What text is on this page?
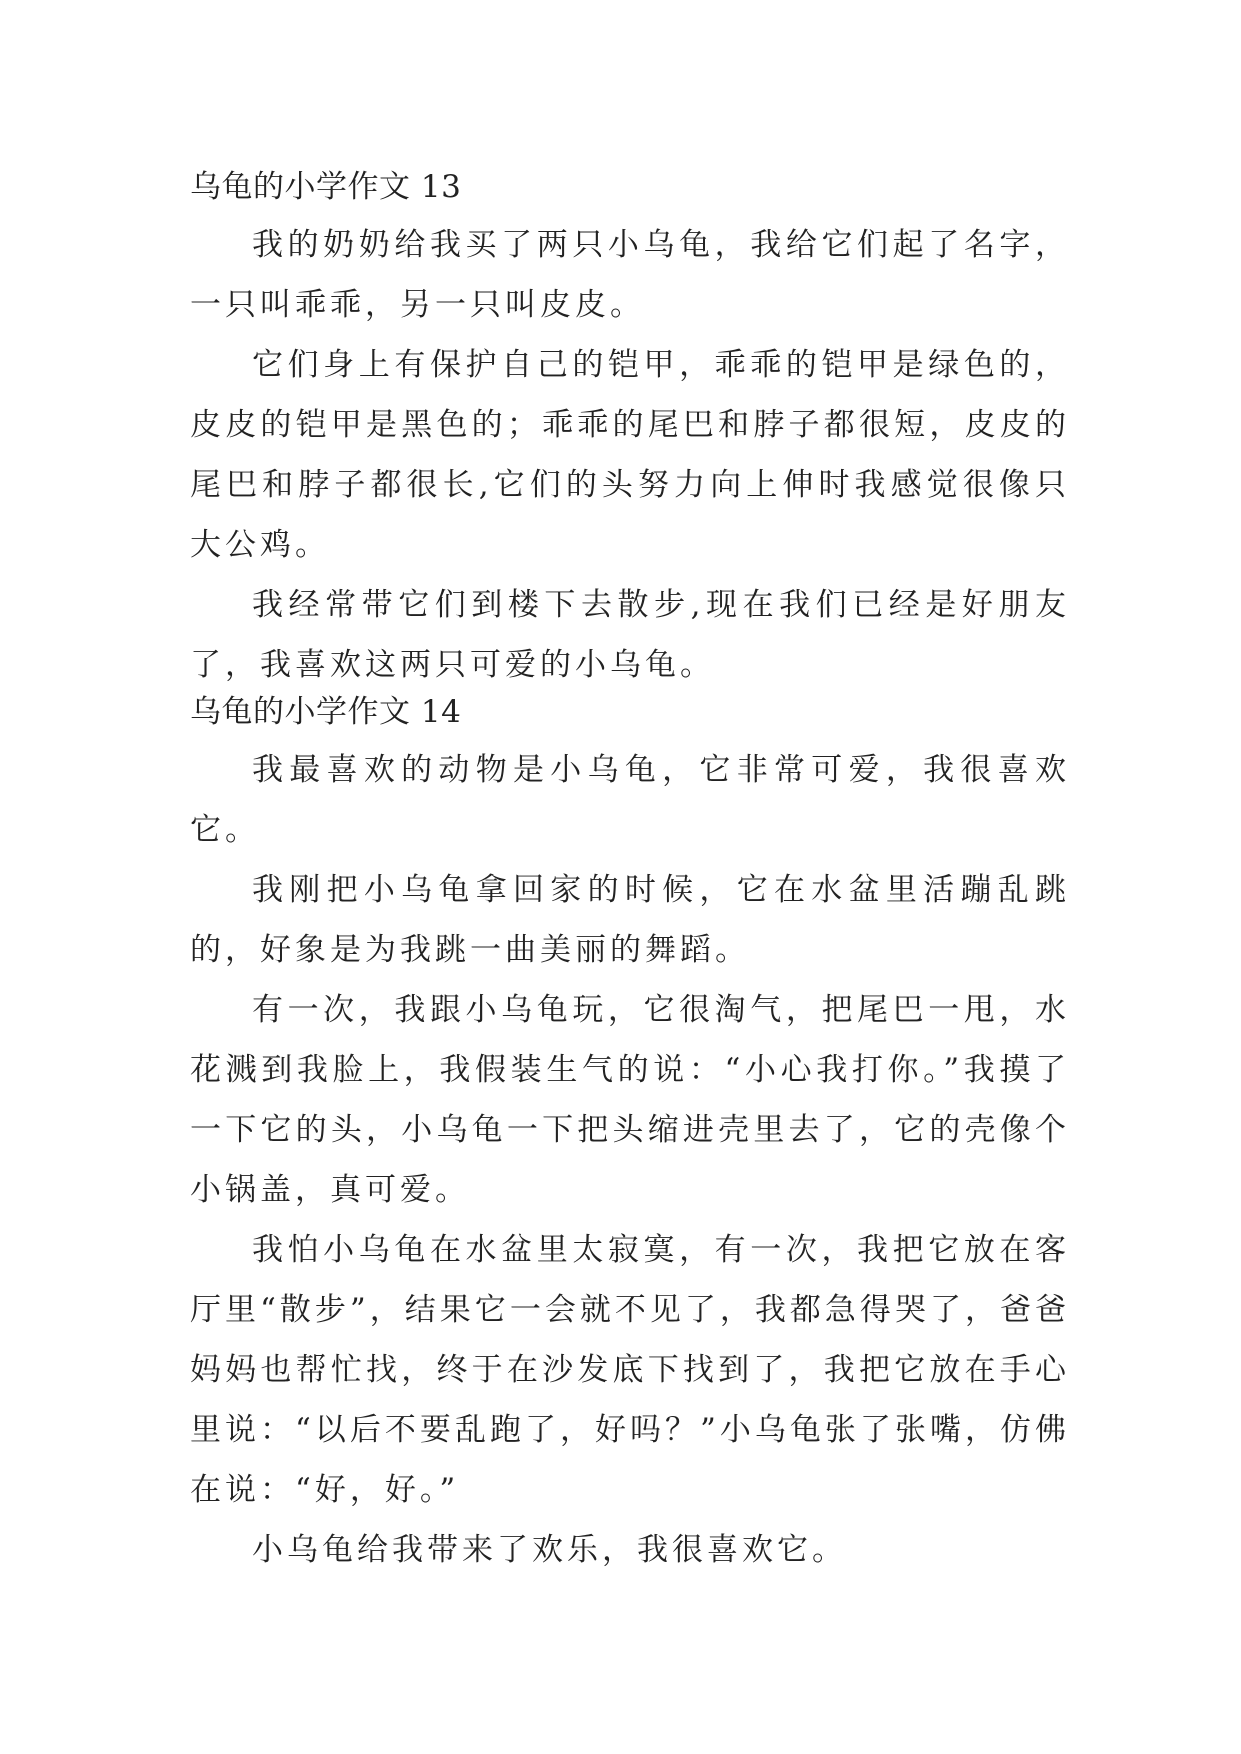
乌龟的小学作文 13

我的奶奶给我买了两只小乌龟，我给它们起了名字，一只叫乖乖，另一只叫皮皮。

它们身上有保护自己的铠甲，乖乖的铠甲是绿色的，皮皮的铠甲是黑色的；乖乖的尾巴和脖子都很短，皮皮的尾巴和脖子都很长,它们的头努力向上伸时我感觉很像只大公鸡。

我经常带它们到楼下去散步,现在我们已经是好朋友了，我喜欢这两只可爱的小乌龟。

乌龟的小学作文 14

我最喜欢的动物是小乌龟，它非常可爱，我很喜欢它。

我刚把小乌龟拿回家的时候，它在水盆里活蹦乱跳的，好象是为我跳一曲美丽的舞蹈。

有一次，我跟小乌龟玩，它很淘气，把尾巴一甩，水花溅到我脸上，我假装生气的说：“小心我打你。”我摸了一下它的头，小乌龟一下把头缩进壳里去了，它的壳像个小锅盖，真可爱。

我怕小乌龟在水盆里太寂寞，有一次，我把它放在客厅里“散步”，结果它一会就不见了，我都急得哭了，爸爸妈妈也帮忙找，终于在沙发底下找到了，我把它放在手心里说：“以后不要乱跑了，好吗？”小乌龟张了张嘴，仿佛在说：“好，好。”

小乌龟给我带来了欢乐，我很喜欢它。
